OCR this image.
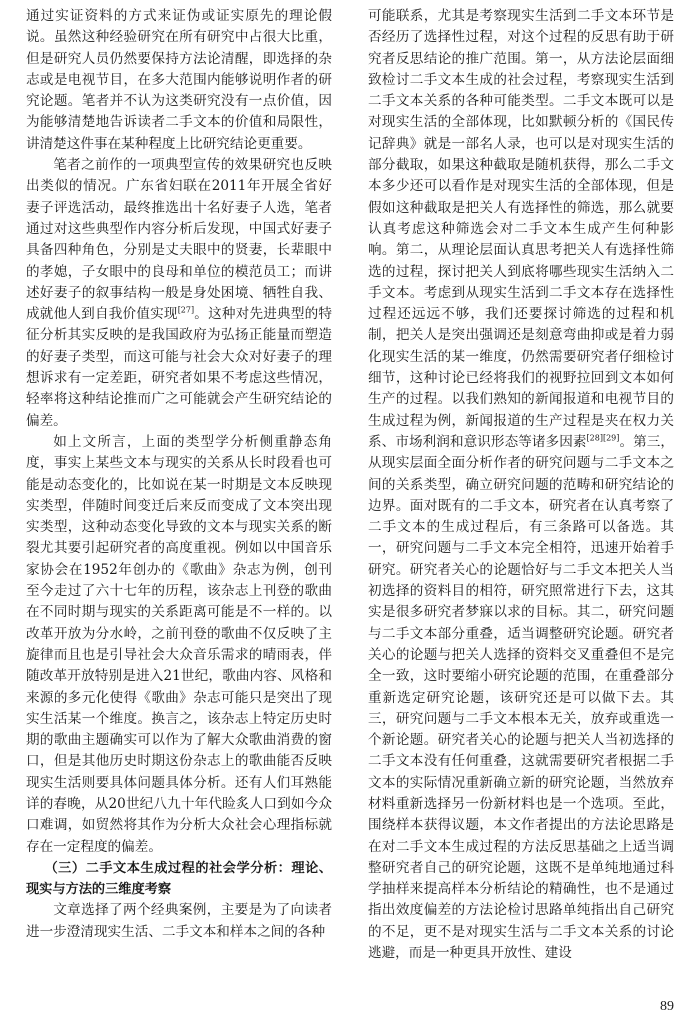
通过实证资料的方式来证伪或证实原先的理论假说。虽然这种经验研究在所有研究中占很大比重，但是研究人员仍然要保持方法论清醒，即选择的杂志或是电视节目，在多大范围内能够说明作者的研究论题。笔者并不认为这类研究没有一点价值，因为能够清楚地告诉读者二手文本的价值和局限性，讲清楚这件事在某种程度上比研究结论更重要。

笔者之前作的一项典型宣传的效果研究也反映出类似的情况。广东省妇联在2011年开展全省好妻子评选活动，最终推选出十名好妻子人选，笔者通过对这些典型作内容分析后发现，中国式好妻子具备四种角色，分别是丈夫眼中的贤妻，长辈眼中的孝媳，子女眼中的良母和单位的模范员工；而讲述好妻子的叙事结构一般是身处困境、牺牲自我、成就他人到自我价值实现[27]。这种对先进典型的特征分析其实反映的是我国政府为弘扬正能量而塑造的好妻子类型，而这可能与社会大众对好妻子的理想诉求有一定差距，研究者如果不考虑这些情况，轻率将这种结论推而广之可能就会产生研究结论的偏差。

如上文所言，上面的类型学分析侧重静态角度，事实上某些文本与现实的关系从长时段看也可能是动态变化的，比如说在某一时期是文本反映现实类型，伴随时间变迁后来反而变成了文本突出现实类型，这种动态变化导致的文本与现实关系的断裂尤其要引起研究者的高度重视。例如以中国音乐家协会在1952年创办的《歌曲》杂志为例，创刊至今走过了六十七年的历程，该杂志上刊登的歌曲在不同时期与现实的关系距离可能是不一样的。以改革开放为分水岭，之前刊登的歌曲不仅反映了主旋律而且也是引导社会大众音乐需求的晴雨表，伴随改革开放特别是进入21世纪，歌曲内容、风格和来源的多元化使得《歌曲》杂志可能只是突出了现实生活某一个维度。换言之，该杂志上特定历史时期的歌曲主题确实可以作为了解大众歌曲消费的窗口，但是其他历史时期这份杂志上的歌曲能否反映现实生活则要具体问题具体分析。还有人们耳熟能详的春晚，从20世纪八九十年代睑炙人口到如今众口难调，如贸然将其作为分析大众社会心理指标就存在一定程度的偏差。

（三）二手文本生成过程的社会学分析：理论、现实与方法的三维度考察

文章选择了两个经典案例，主要是为了向读者进一步澄清现实生活、二手文本和样本之间的各种

可能联系，尤其是考察现实生活到二手文本环节是否经历了选择性过程，对这个过程的反思有助于研究者反思结论的推广范围。第一，从方法论层面细致检讨二手文本生成的社会过程，考察现实生活到二手文本关系的各种可能类型。二手文本既可以是对现实生活的全部体现，比如默顿分析的《国民传记辞典》就是一部名人录，也可以是对现实生活的部分截取，如果这种截取是随机获得，那么二手文本多少还可以看作是对现实生活的全部体现，但是假如这种截取是把关人有选择性的筛选，那么就要认真考虑这种筛选会对二手文本生成产生何种影响。第二，从理论层面认真思考把关人有选择性筛选的过程，探讨把关人到底将哪些现实生活纳入二手文本。考虑到从现实生活到二手文本存在选择性过程还远远不够，我们还要探讨筛选的过程和机制，把关人是突出强调还是刻意弯曲抑或是着力弱化现实生活的某一维度，仍然需要研究者仔细检讨细节，这种讨论已经将我们的视野拉回到文本如何生产的过程。以我们熟知的新闻报道和电视节目的生成过程为例，新闻报道的生产过程是夹在权力关系、市场利润和意识形态等诸多因素[28][29]。第三，从现实层面全面分析作者的研究问题与二手文本之间的关系类型，确立研究问题的范畴和研究结论的边界。面对既有的二手文本，研究者在认真考察了二手文本的生成过程后，有三条路可以备选。其一，研究问题与二手文本完全相符，迅速开始着手研究。研究者关心的论题恰好与二手文本把关人当初选择的资料目的相符，研究照常进行下去，这其实是很多研究者梦寐以求的目标。其二，研究问题与二手文本部分重叠，适当调整研究论题。研究者关心的论题与把关人选择的资料交叉重叠但不是完全一致，这时要缩小研究论题的范围，在重叠部分重新选定研究论题，该研究还是可以做下去。其三，研究问题与二手文本根本无关，放弃或重选一个新论题。研究者关心的论题与把关人当初选择的二手文本没有任何重叠，这就需要研究者根据二手文本的实际情况重新确立新的研究论题，当然放弃材料重新选择另一份新材料也是一个选项。至此，围绕样本获得议题，本文作者提出的方法论思路是在对二手文本生成过程的方法反思基础之上适当调整研究者自己的研究论题，这既不是单纯地通过科学抽样来提高样本分析结论的精确性，也不是通过指出效度偏差的方法论检讨思路单纯指出自己研究的不足，更不是对现实生活与二手文本关系的讨论逃避，而是一种更具开放性、建设

89
